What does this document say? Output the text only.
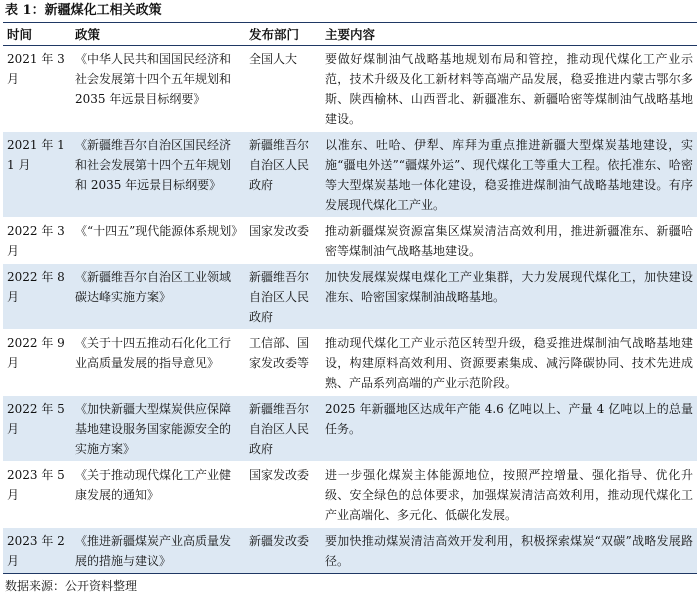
表 1：新疆煤化工相关政策
时间	政策	发布部门	主要内容
2021 年 3 月	《中华人民共和国国民经济和社会发展第十四个五年规划和 2035 年远景目标纲要》	全国人大	要做好煤制油气战略基地规划布局和管控，推动现代煤化工产业示范，技术升级及化工新材料等高端产品发展，稳妥推进内蒙古鄂尔多斯、陕西榆林、山西晋北、新疆准东、新疆哈密等煤制油气战略基地建设。
2021 年 11 月	《新疆维吾尔自治区国民经济和社会发展第十四个五年规划和 2035 年远景目标纲要》	新疆维吾尔自治区人民政府	以准东、吐哈、伊犁、库拜为重点推进新疆大型煤炭基地建设，实施“疆电外送”“疆煤外运”、现代煤化工等重大工程。依托准东、哈密等大型煤炭基地一体化建设，稳妥推进煤制油气战略基地建设。有序发展现代煤化工产业。
2022 年 3 月	《“十四五”现代能源体系规划》	国家发改委	推动新疆煤炭资源富集区煤炭清洁高效利用，推进新疆准东、新疆哈密等煤制油气战略基地建设。
2022 年 8 月	《新疆维吾尔自治区工业领域碳达峰实施方案》	新疆维吾尔自治区人民政府	加快发展煤炭煤电煤化工产业集群，大力发展现代煤化工，加快建设准东、哈密国家煤制油战略基地。
2022 年 9 月	《关于十四五推动石化化工行业高质量发展的指导意见》	工信部、国家发改委等	推动现代煤化工产业示范区转型升级，稳妥推进煤制油气战略基地建设，构建原料高效利用、资源要素集成、减污降碳协同、技术先进成熟、产品系列高端的产业示范阶段。
2022 年 5 月	《加快新疆大型煤炭供应保障基地建设服务国家能源安全的实施方案》	新疆维吾尔自治区人民政府	2025 年新疆地区达成年产能 4.6 亿吨以上、产量 4 亿吨以上的总量任务。
2023 年 5 月	《关于推动现代煤化工产业健康发展的通知》	国家发改委	进一步强化煤炭主体能源地位，按照严控增量、强化指导、优化升级、安全绿色的总体要求，加强煤炭清洁高效利用，推动现代煤化工产业高端化、多元化、低碳化发展。
2023 年 2 月	《推进新疆煤炭产业高质量发展的措施与建议》	新疆发改委	要加快推动煤炭清洁高效开发利用，积极探索煤炭“双碳”战略发展路径。
数据来源：公开资料整理
